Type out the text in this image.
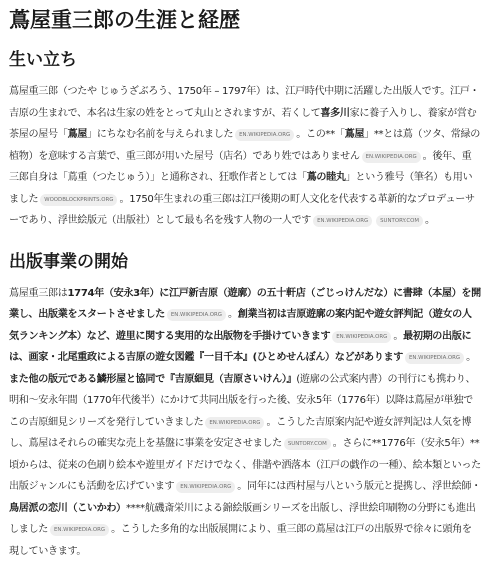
蔦屋重三郎の生涯と経歴
生い立ち

蔦屋重三郎（つたや じゅうざぶろう、1750年 – 1797年）は、江戸時代中期に活躍した出版人です。江戸・吉原の生まれで、本名は生家の姓をとって丸山とされますが、若くして喜多川家に養子入りし、養家が営む茶屋の屋号「蔦屋」にちなむ名前を与えられました EN.WIKIPEDIA.ORG 。この**「蔦屋」**とは蔦（ツタ、常緑の植物）を意味する言葉で、重三郎が用いた屋号（店名）であり姓ではありません EN.WIKIPEDIA.ORG 。後年、重三郎自身は「蔦重（つたじゅう）」と通称され、狂歌作者としては「蔦の睦丸」という雅号（筆名）も用いました WOODBLOCKPRINTS.ORG 。1750年生まれの重三郎は江戸後期の町人文化を代表する革新的なプロデューサーであり、浮世絵版元（出版社）として最も名を残す人物の一人です EN.WIKIPEDIA.ORG SUNTORY.COM 。

出版事業の開始

蔦屋重三郎は1774年（安永3年）に江戸新吉原（遊廓）の五十軒店（ごじっけんだな）に書肆（本屋）を開業し、出版業をスタートさせました EN.WIKIPEDIA.ORG 。創業当初は吉原遊廓の案内記や遊女評判記（遊女の人気ランキング本）など、遊里に関する実用的な出版物を手掛けていきます EN.WIKIPEDIA.ORG 。最初期の出版には、画家・北尾重政による吉原の遊女図鑑『一目千本』(ひとめせんぼん）などがあります EN.WIKIPEDIA.ORG 。また他の版元である鱗形屋と協同で『吉原細見（吉原さいけん）』(遊廓の公式案内書）の刊行にも携わり、明和〜安永年間（1770年代後半）にかけて共同出版を行った後、安永5年（1776年）以降は蔦屋が単独でこの吉原細見シリーズを発行していきました EN.WIKIPEDIA.ORG 。こうした吉原案内記や遊女評判記は人気を博し、蔦屋はそれらの確実な売上を基盤に事業を安定させました SUNTORY.COM 。さらに**1776年（安永5年）**頃からは、従来の色刷り絵本や遊里ガイドだけでなく、俳諧や洒落本（江戸の戯作の一種）、絵本類といった出版ジャンルにも活動を広げています EN.WIKIPEDIA.ORG 。同年には西村屋与八という版元と提携し、浮世絵師・鳥居派の恋川（こいかわ）****航磯斎栄川による錦絵版画シリーズを出版し、浮世絵印刷物の分野にも進出しました EN.WIKIPEDIA.ORG 。こうした多角的な出版展開により、重三郎の蔦屋は江戸の出版界で徐々に頭角を現していきます。
